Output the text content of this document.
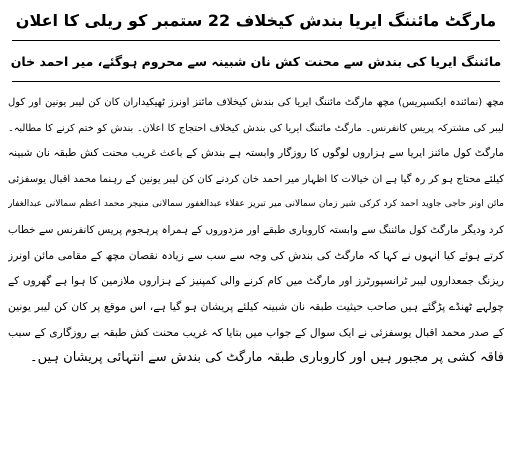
مارگٹ مائننگ ایریا بندش کیخلاف 22 ستمبر کو ریلی کا اعلان
مائننگ ایریا کی بندش سے محنت کش نان شبینہ سے محروم ہوگئے، میر احمد خان
مچھ (نمائندہ ایکسپریس) مچھ مارگٹ مائننگ ایریا کی بندش کیخلاف مائنز اونرز ٹھیکیداران کان کن لیبر یونین اور کول
لیبر کی مشترکہ پریس کانفرنس۔ مارگٹ مائننگ ایریا کی بندش کیخلاف احتجاج کا اعلان۔ بندش کو ختم کرنے کا مطالبہ۔
مارگٹ کول مائنز ایریا سے ہزاروں لوگوں کا روزگار وابستہ ہے بندش کے باعث غریب محنت کش طبقہ نان شبینہ
کیلئے محتاج ہو کر رہ گیا ہے ان خیالات کا اظہار میر احمد خان کردنے کان کن لیبر یونین کے رہنما محمد اقبال یوسفزئی
مائن اونر حاجی جاوید احمد کرد کرکی شیر زمان سمالانی میر تبریز عقلاء عبدالغفور سمالانی منیجر محمد اعظم سمالانی عبدالغفار
کرد ودیگر مارگٹ کول مائننگ سے وابستہ کاروباری طبقے اور مزدوروں کے ہمراہ پرہجوم پریس کانفرنس سے خطاب
کرتے ہوئے کیا انہوں نے کہا کہ مارگٹ کی بندش کی وجہ سے سب سے زیادہ نقصان مچھ کے مقامی مائن اونرز
ریزنگ جمعداروں لیبر ٹرانسپورٹرز اور مارگٹ میں کام کرنے والی کمپنیز کے ہزاروں ملازمین کا ہوا ہے گھروں کے
چولہے ٹھنڈے پڑگئے ہیں صاحب حیثیت طبقہ نان شبینہ کیلئے پریشان ہو گیا ہے، اس موقع پر کان کن لیبر یونین
کے صدر محمد اقبال یوسفزئی نے ایک سوال کے جواب میں بتایا کہ غریب محنت کش طبقہ بے روزگاری کے سبب
فاقہ کشی پر مجبور ہیں اور کاروباری طبقہ مارگٹ کی بندش سے انتہائی پریشان ہیں۔
